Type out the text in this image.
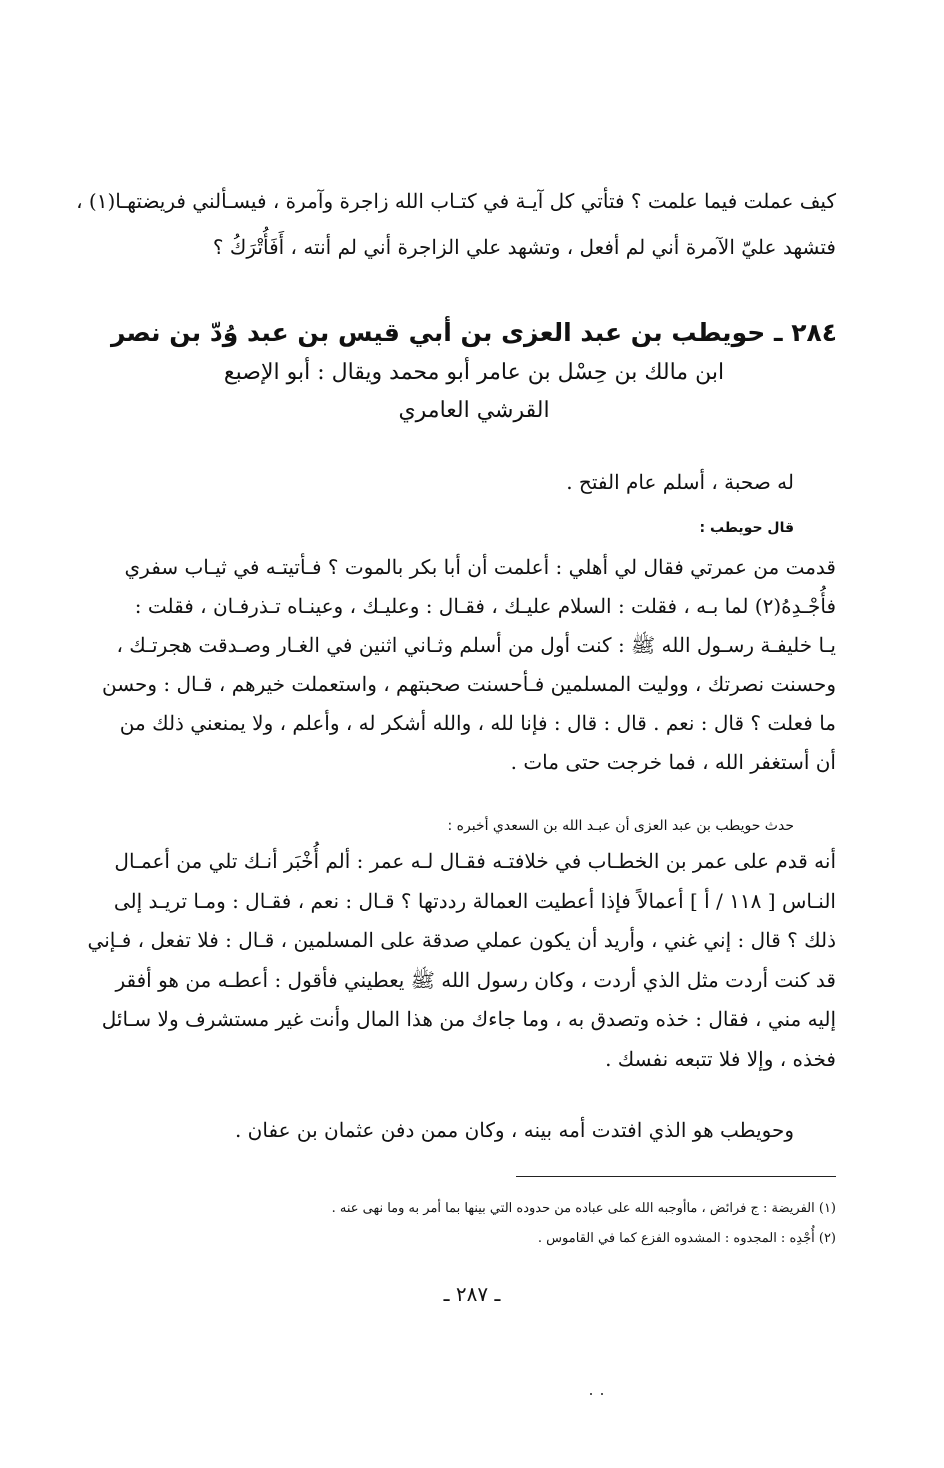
كيف عملت فيما علمت ؟ فتأتي كل آيـة في كتـاب الله زاجرة وآمرة ، فيسـألني فريضتهـا(١) ،
فتشهد عليّ الآمرة أني لم أفعل ، وتشهد علي الزاجرة أني لم أنته ، أَفَأُتْرَكُ ؟
٢٨٤ ـ حويطب بن عبد العزى بن أبي قيس بن عبد وُدّ بن نصر
ابن مالك بن حِسْل بن عامر أبو محمد ويقال : أبو الإصبع
القرشي العامري
له صحبة ، أسلم عام الفتح .
قال حويطب :
قدمت من عمرتي فقال لي أهلي : أعلمت أن أبا بكر بالموت ؟ فـأتيتـه في ثيـاب سفري
فأُجْـدِهُ(٢) لما بـه ، فقلت : السلام عليـك ، فقـال : وعليـك ، وعينـاه تـذرفـان ، فقلت :
يـا خليفـة رسـول الله ﷺ : كنت أول من أسلم وثـاني اثنين في الغـار وصـدقت هجرتـك ،
وحسنت نصرتك ، ووليت المسلمين فـأحسنت صحبتهم ، واستعملت خيرهم ، قـال : وحسن
ما فعلت ؟ قال : نعم . قال : قال : فإنا لله ، والله أشكر له ، وأعلم ، ولا يمنعني ذلك من
أن أستغفر الله ، فما خرجت حتى مات .
حدث حويطب بن عبد العزى أن عبـد الله بن السعدي أخبره :
أنه قدم على عمر بن الخطـاب في خلافتـه فقـال لـه عمر : ألم أُخْبَر أنـك تلي من أعمـال
النـاس [ ١١٨ / أ ] أعمالاً فإذا أعطيت العمالة رددتها ؟ قـال : نعم ، فقـال : ومـا تريـد إلى
ذلك ؟ قال : إني غني ، وأريد أن يكون عملي صدقة على المسلمين ، قـال : فلا تفعل ، فـإني
قد كنت أردت مثل الذي أردت ، وكان رسول الله ﷺ يعطيني فأقول : أعطـه من هو أفقر
إليه مني ، فقال : خذه وتصدق به ، وما جاءك من هذا المال وأنت غير مستشرف ولا سـائل
فخذه ، وإلا فلا تتبعه نفسك .
وحويطب هو الذي افتدت أمه بينه ، وكان ممن دفن عثمان بن عفان .
(١) الفريضة : ج فرائض ، ماأوجبه الله على عباده من حدوده التي بينها بما أمر به وما نهى عنه .
(٢) أُجْدِه : المجدوه : المشدوه الفزع كما في القاموس .
ـ ٢٨٧ ـ
